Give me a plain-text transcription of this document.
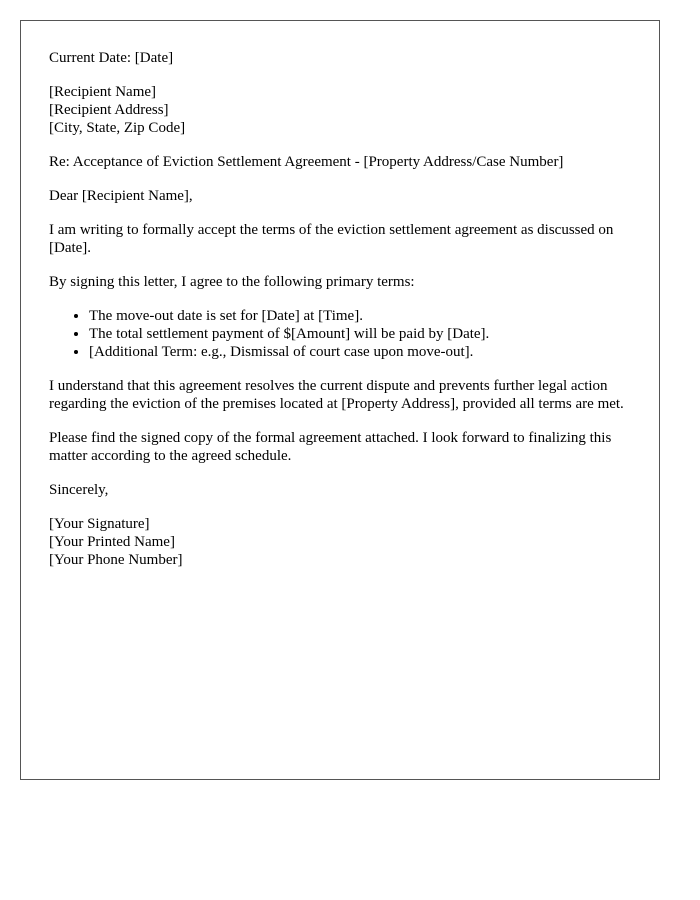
Current Date: [Date]

[Recipient Name]
[Recipient Address]
[City, State, Zip Code]

Re: Acceptance of Eviction Settlement Agreement - [Property Address/Case Number]

Dear [Recipient Name],

I am writing to formally accept the terms of the eviction settlement agreement as discussed on [Date].

By signing this letter, I agree to the following primary terms:

• The move-out date is set for [Date] at [Time].
• The total settlement payment of $[Amount] will be paid by [Date].
• [Additional Term: e.g., Dismissal of court case upon move-out].

I understand that this agreement resolves the current dispute and prevents further legal action regarding the eviction of the premises located at [Property Address], provided all terms are met.

Please find the signed copy of the formal agreement attached. I look forward to finalizing this matter according to the agreed schedule.

Sincerely,

[Your Signature]
[Your Printed Name]
[Your Phone Number]
